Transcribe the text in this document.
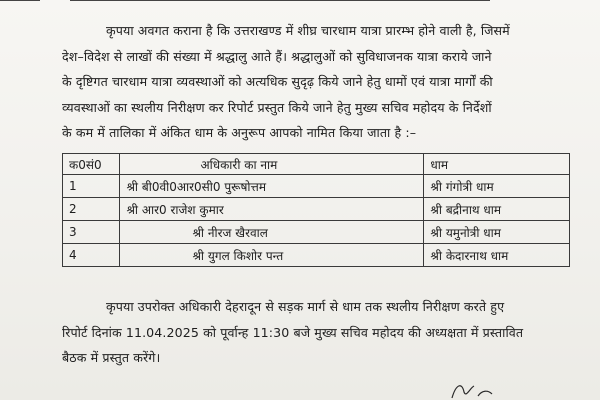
कृपया अवगत कराना है कि उत्तराखण्ड में शीघ्र चारधाम यात्रा प्रारम्भ होने वाली है, जिसमें

देश–विदेश से लाखों की संख्या में श्रद्धालु आते हैं। श्रद्धालुओं को सुविधाजनक यात्रा कराये जाने

के दृष्टिगत चारधाम यात्रा व्यवस्थाओं को अत्यधिक सुदृढ़ किये जाने हेतु धामों एवं यात्रा मार्गों की

व्यवस्थाओं का स्थलीय निरीक्षण कर रिपोर्ट प्रस्तुत किये जाने हेतु मुख्य सचिव महोदय के निर्देशों

के कम में तालिका में अंकित धाम के अनुरूप आपको नामित किया जाता है :–

क0सं0	अधिकारी का नाम	धाम
1	श्री बी0वी0आर0सी0 पुरूषोत्तम	श्री गंगोत्री धाम
2	श्री आर0 राजेश कुमार	श्री बद्रीनाथ धाम
3	श्री नीरज खैरवाल	श्री यमुनोत्री धाम
4	श्री युगल किशोर पन्त	श्री केदारनाथ धाम

कृपया उपरोक्त अधिकारी देहरादून से सड़क मार्ग से धाम तक स्थलीय निरीक्षण करते हुए

रिपोर्ट दिनांक 11.04.2025 को पूर्वान्ह 11:30 बजे मुख्य सचिव महोदय की अध्यक्षता में प्रस्तावित

बैठक में प्रस्तुत करेंगे।
